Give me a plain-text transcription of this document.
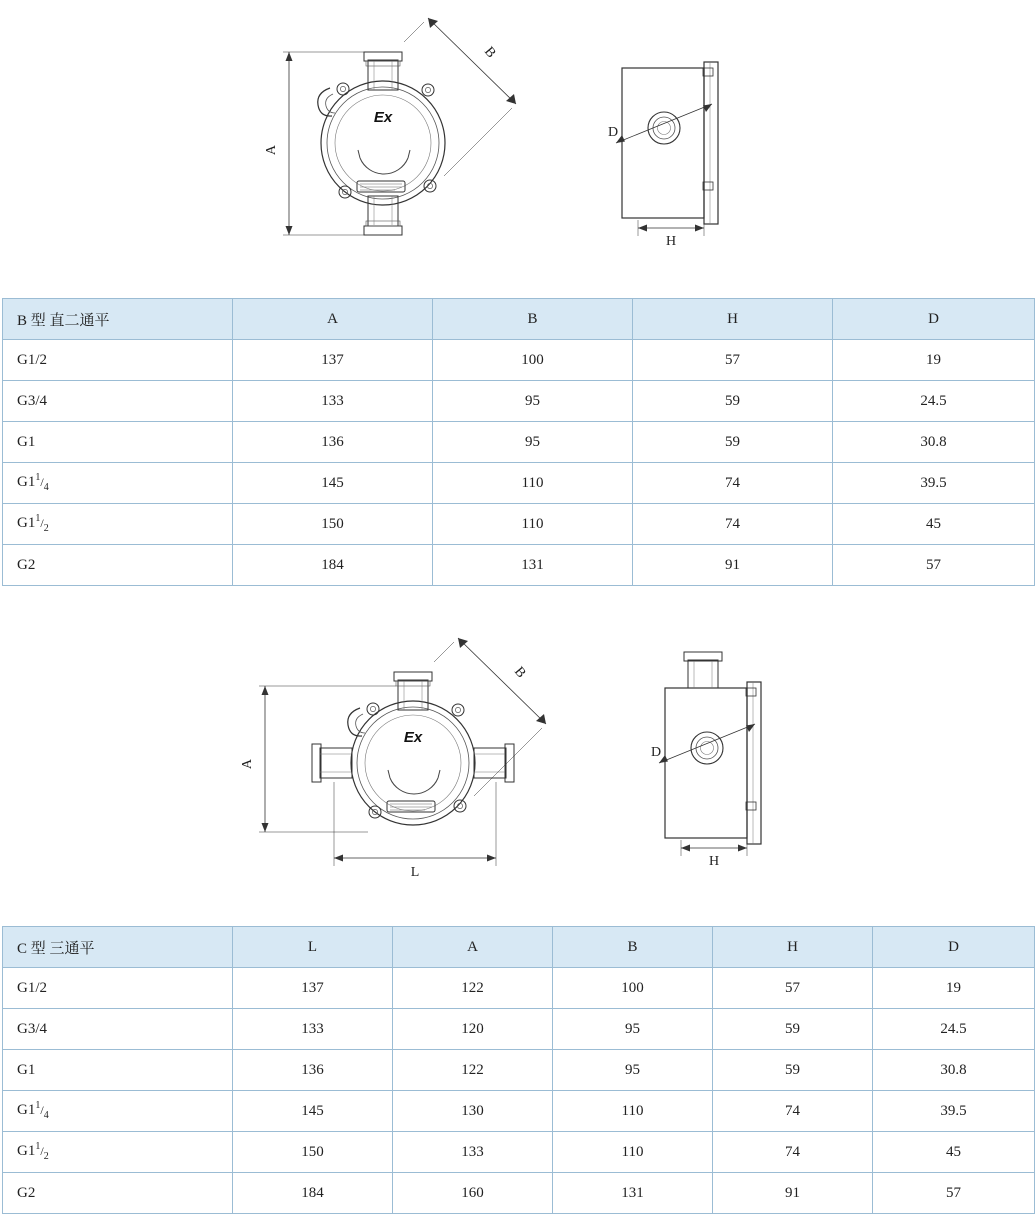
A
B
D
H
Ex
B 型 直二通平	A	B	H	D
G1/2	137	100	57	19
G3/4	133	95	59	24.5
G1	136	95	59	30.8
$G1^1/_4$	145	110	74	39.5
$G1^1/_2$	150	110	74	45
G2	184	131	91	57
A
L
B
D
H
Ex
C 型 三通平	L	A	B	H	D
G1/2	137	122	100	57	19
G3/4	133	120	95	59	24.5
G1	136	122	95	59	30.8
$G1^1/_4$	145	130	110	74	39.5
$G1^1/_2$	150	133	110	74	45
G2	184	160	131	91	57
